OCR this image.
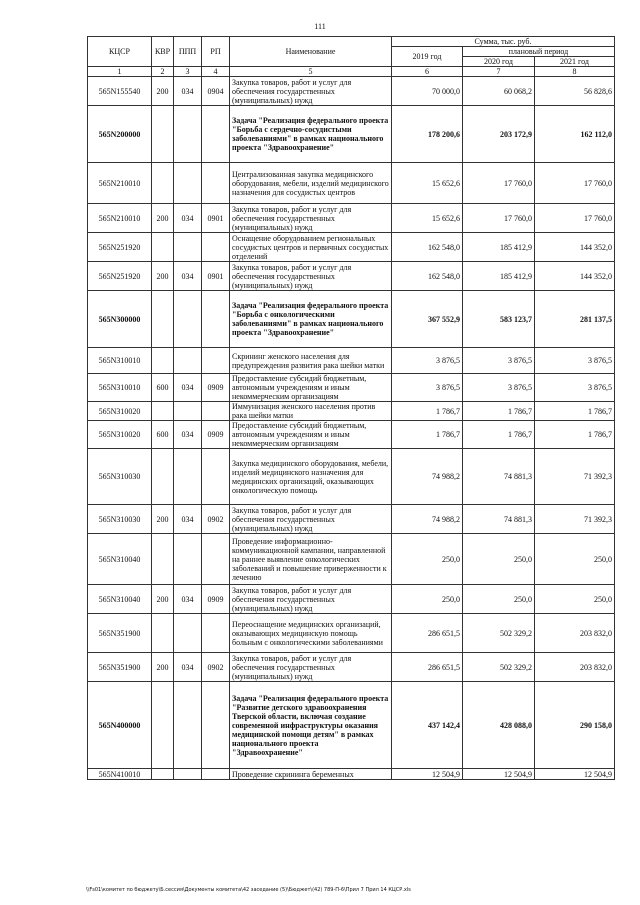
111
КЦСР	КВР	ППП	РП	Наименование	Сумма, тыс. руб.		
					2019 год	плановый период	
						2020 год	2021 год
1	2	3	4	5	6	7	8
565N155540	200	034	0904	Закупка товаров, работ и услуг для обеспечения государственных (муниципальных) нужд	70 000,0	60 068,2	56 828,6
565N200000				Задача "Реализация федерального проекта "Борьба с сердечно-сосудистыми заболеваниями" в рамках национального проекта "Здравоохранение"	178 200,6	203 172,9	162 112,0
565N210010				Централизованная закупка медицинского оборудования, мебели, изделий медицинского назначения для сосудистых центров	15 652,6	17 760,0	17 760,0
565N210010	200	034	0901	Закупка товаров, работ и услуг для обеспечения государственных (муниципальных) нужд	15 652,6	17 760,0	17 760,0
565N251920				Оснащение оборудованием региональных сосудистых центров и первичных сосудистых отделений	162 548,0	185 412,9	144 352,0
565N251920	200	034	0901	Закупка товаров, работ и услуг для обеспечения государственных (муниципальных) нужд	162 548,0	185 412,9	144 352,0
565N300000				Задача "Реализация федерального проекта "Борьба с онкологическими заболеваниями" в рамках национального проекта "Здравоохранение"	367 552,9	583 123,7	281 137,5
565N310010				Скрининг женского населения для предупреждения развития рака шейки матки	3 876,5	3 876,5	3 876,5
565N310010	600	034	0909	Предоставление субсидий бюджетным, автономным учреждениям и иным некоммерческим организациям	3 876,5	3 876,5	3 876,5
565N310020				Иммунизация женского населения против рака шейки матки	1 786,7	1 786,7	1 786,7
565N310020	600	034	0909	Предоставление субсидий бюджетным, автономным учреждениям и иным некоммерческим организациям	1 786,7	1 786,7	1 786,7
565N310030				Закупка медицинского оборудования, мебели, изделий медицинского назначения для медицинских организаций, оказывающих онкологическую помощь	74 988,2	74 881,3	71 392,3
565N310030	200	034	0902	Закупка товаров, работ и услуг для обеспечения государственных (муниципальных) нужд	74 988,2	74 881,3	71 392,3
565N310040				Проведение информационно-коммуникационной кампании, направленной на раннее выявление онкологических заболеваний и повышение приверженности к лечению	250,0	250,0	250,0
565N310040	200	034	0909	Закупка товаров, работ и услуг для обеспечения государственных (муниципальных) нужд	250,0	250,0	250,0
565N351900				Переоснащение медицинских организаций, оказывающих медицинскую помощь больным с онкологическими заболеваниями	286 651,5	502 329,2	203 832,0
565N351900	200	034	0902	Закупка товаров, работ и услуг для обеспечения государственных (муниципальных) нужд	286 651,5	502 329,2	203 832,0
565N400000				Задача "Реализация федерального проекта "Развитие детского здравоохранения Тверской области, включая создание современной инфраструктуры оказания медицинской помощи детям" в рамках национального проекта "Здравоохранение"	437 142,4	428 088,0	290 158,0
565N410010				Проведение скрининга беременных	12 504,9	12 504,9	12 504,9
\\Fs01\комитет по бюджету\Б.сессия\Документы комитета\42 заседание (5)\Бюджет\(42) 789-П-6\Прил 7 Прил 14 КЦСР.xls
